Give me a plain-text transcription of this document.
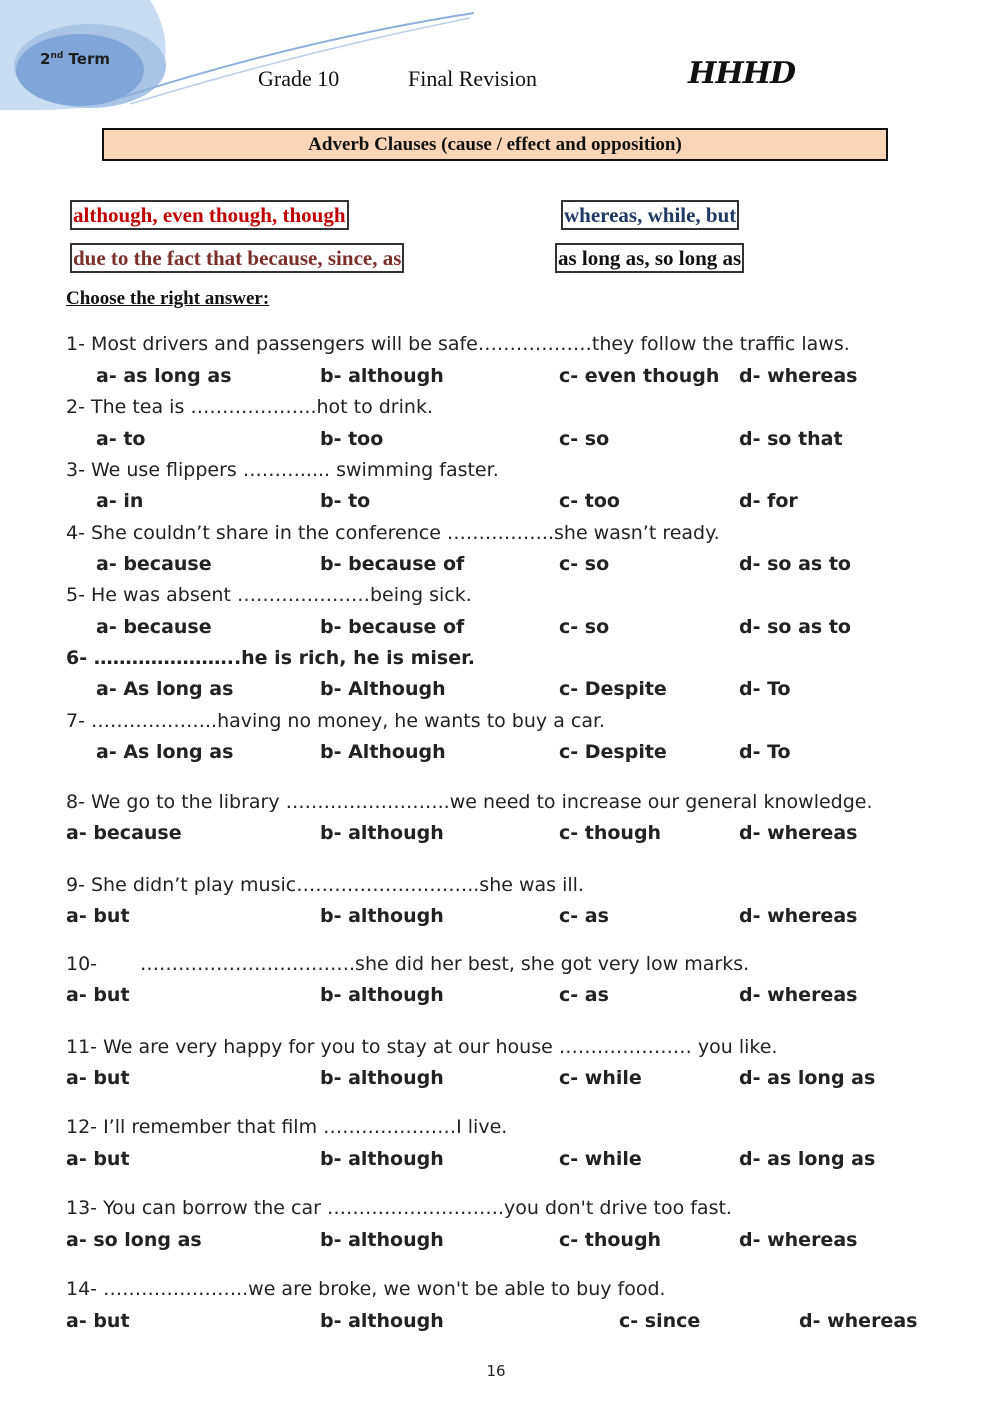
2nd Term
Grade 10	Final Revision	HHHD
Adverb Clauses (cause / effect and opposition)
although, even though, though	whereas, while, but
due to the fact that because, since, as	as long as, so long as
Choose the right answer:
1- Most drivers and passengers will be safe………………they follow the traffic laws.
a- as long as	b- although	c- even though d- whereas
2- The tea is ………………..hot to drink.
a- to	b- too	c- so	d- so that
3- We use flippers ………..... swimming faster.
a- in	b- to	c- too	d- for
4- She couldn’t share in the conference ……………..she wasn’t ready.
a- because	b- because of	c- so	d- so as to
5- He was absent …………………being sick.
a- because	b- because of	c- so	d- so as to
6- …………………..he is rich, he is miser.
a- As long as	b- Although	c- Despite	d- To
7- ………………..having no money, he wants to buy a car.
a- As long as	b- Although	c- Despite	d- To
8- We go to the library ……………………..we need to increase our general knowledge.
a- because	b- although	c- though	d- whereas
9- She didn’t play music………………………..she was ill.
a- but	b- although	c- as	d- whereas
10- …………………………….she did her best, she got very low marks.
a- but	b- although	c- as	d- whereas
11- We are very happy for you to stay at our house ………………… you like.
a- but	b- although	c- while	d- as long as
12- I’ll remember that film …………………I live.
a- but	b- although	c- while	d- as long as
13- You can borrow the car ……………………….you don't drive too fast.
a- so long as	b- although	c- though	d- whereas
14- …………………..we are broke, we won't be able to buy food.
a- but	b- although	c- since	d- whereas
16
